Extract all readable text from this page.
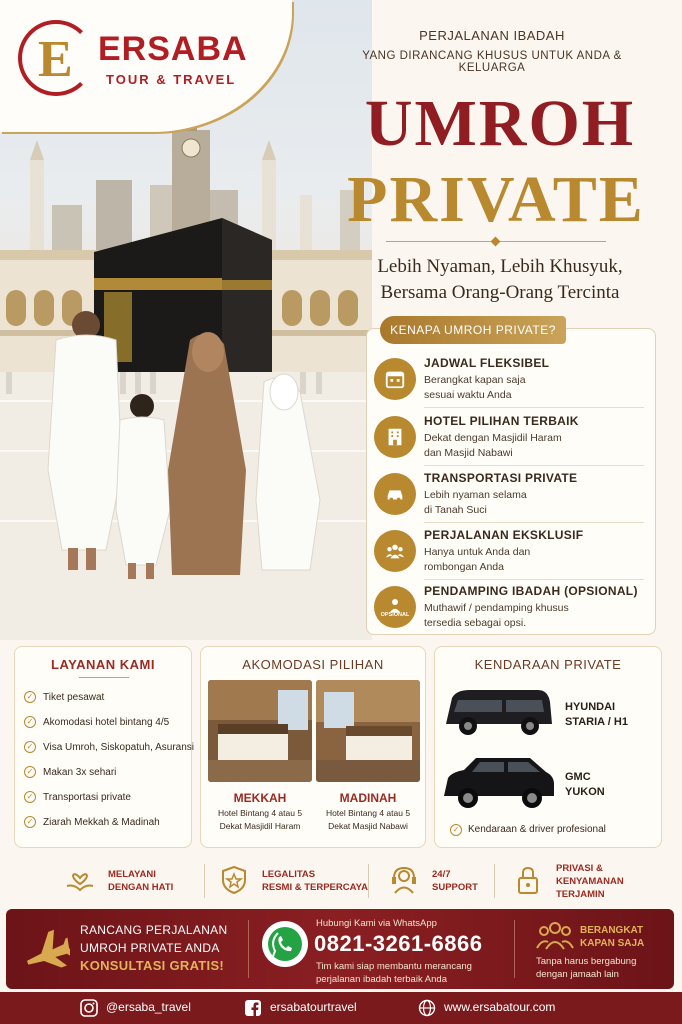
E ERSABA
TOUR & TRAVEL
PERJALANAN IBADAH
YANG DIRANCANG KHUSUS UNTUK ANDA & KELUARGA
UMROH
PRIVATE
Lebih Nyaman, Lebih Khusyuk,
Bersama Orang-Orang Tercinta
KENAPA UMROH PRIVATE?
JADWAL FLEKSIBEL
Berangkat kapan saja
sesuai waktu Anda
HOTEL PILIHAN TERBAIK
Dekat dengan Masjidil Haram
dan Masjid Nabawi
TRANSPORTASI PRIVATE
Lebih nyaman selama
di Tanah Suci
PERJALANAN EKSKLUSIF
Hanya untuk Anda dan
rombongan Anda
OPSIONAL
PENDAMPING IBADAH (OPSIONAL)
Muthawif / pendamping khusus
tersedia sebagai opsi.
LAYANAN KAMI
✓ Tiket pesawat
✓ Akomodasi hotel bintang 4/5
✓ Visa Umroh, Siskopatuh, Asuransi
✓ Makan 3x sehari
✓ Transportasi private
✓ Ziarah Mekkah & Madinah
AKOMODASI PILIHAN
MEKKAH
Hotel Bintang 4 atau 5
Dekat Masjidil Haram
MADINAH
Hotel Bintang 4 atau 5
Dekat Masjid Nabawi
KENDARAAN PRIVATE
HYUNDAI
STARIA / H1
GMC
YUKON
✓ Kendaraan & driver profesional
MELAYANI
DENGAN HATI
LEGALITAS
RESMI & TERPERCAYA
24/7
SUPPORT
PRIVASI &
KENYAMANAN
TERJAMIN
RANCANG PERJALANAN
UMROH PRIVATE ANDA
KONSULTASI GRATIS!
Hubungi Kami via WhatsApp
0821-3261-6866
Tim kami siap membantu merancang
perjalanan ibadah terbaik Anda
BERANGKAT
KAPAN SAJA
Tanpa harus bergabung
dengan jamaah lain
@ersaba_travel	ersabatourtravel	www.ersabatour.com
